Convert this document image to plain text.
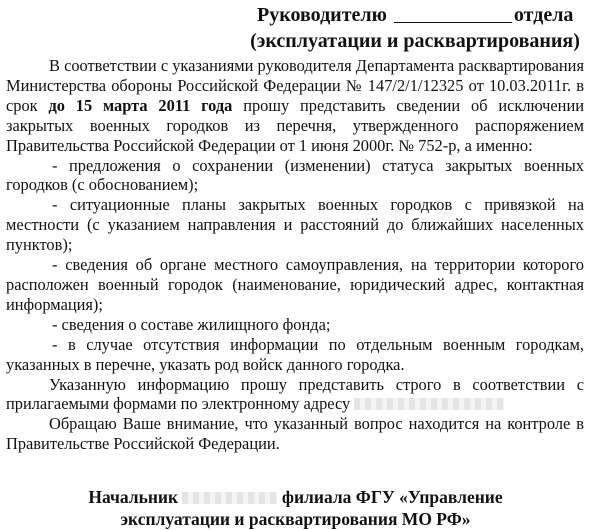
Руководителю	отдела
(эксплуатации и расквартирования)

В соответствии с указаниями руководителя Департамента расквартирования Министерства обороны Российской Федерации № 147/2/1/12325 от 10.03.2011г. в срок до 15 марта 2011 года прошу представить сведении об исключении закрытых военных городков из перечня, утвержденного распоряжением Правительства Российской Федерации от 1 июня 2000г. № 752-р, а именно:

- предложения о сохранении (изменении) статуса закрытых военных городков (с обоснованием);

- ситуационные планы закрытых военных городков с привязкой на местности (с указанием направления и расстояний до ближайших населенных пунктов);

- сведения об органе местного самоуправления, на территории которого расположен военный городок (наименование, юридический адрес, контактная информация);

- сведения о составе жилищного фонда;

- в случае отсутствия информации по отдельным военным городкам, указанных в перечне, указать род войск данного городка.

Указанную информацию прошу представить строго в соответствии с прилагаемыми формами по электронному адресу

Обращаю Ваше внимание, что указанный вопрос находится на контроле в Правительстве Российской Федерации.

Начальник	филиала ФГУ «Управление
эксплуатации и расквартирования МО РФ»
